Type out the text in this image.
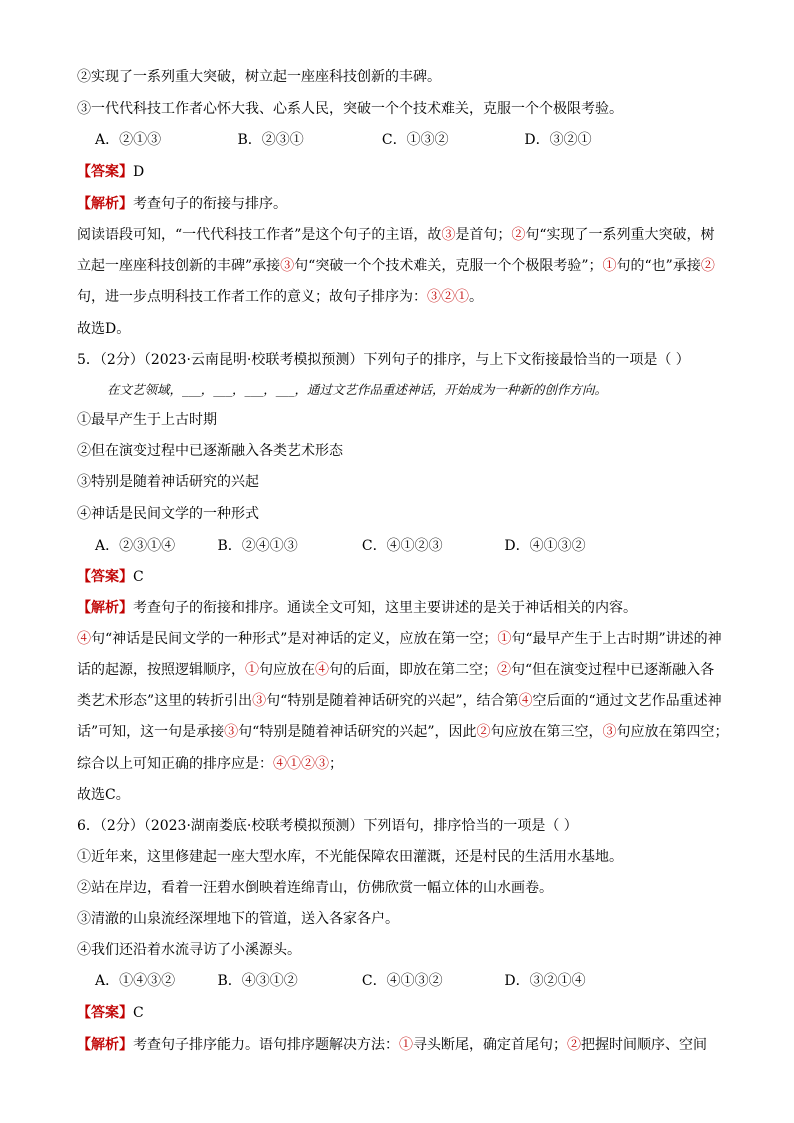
②实现了一系列重大突破，树立起一座座科技创新的丰碑。
③一代代科技工作者心怀大我、心系人民，突破一个个技术难关，克服一个个极限考验。
A．②①③	B．②③①	C．①③②	D．③②①
【答案】D
【解析】考查句子的衔接与排序。
阅读语段可知，“一代代科技工作者”是这个句子的主语，故③是首句；②句“实现了一系列重大突破，树
立起一座座科技创新的丰碑”承接③句“突破一个个技术难关，克服一个个极限考验”；①句的“也”承接②
句，进一步点明科技工作者工作的意义；故句子排序为：③②①。
故选D。
5．（2分）（2023·云南昆明·校联考模拟预测）下列句子的排序，与上下文衔接最恰当的一项是（ ）
在文艺领域，___，___，___，___，通过文艺作品重述神话，开始成为一种新的创作方向。
①最早产生于上古时期
②但在演变过程中已逐渐融入各类艺术形态
③特别是随着神话研究的兴起
④神话是民间文学的一种形式
A．②③①④	B．②④①③	C．④①②③	D．④①③②
【答案】C
【解析】考查句子的衔接和排序。通读全文可知，这里主要讲述的是关于神话相关的内容。
④句“神话是民间文学的一种形式”是对神话的定义，应放在第一空；①句“最早产生于上古时期”讲述的神
话的起源，按照逻辑顺序，①句应放在④句的后面，即放在第二空；②句“但在演变过程中已逐渐融入各
类艺术形态”这里的转折引出③句“特别是随着神话研究的兴起”，结合第④空后面的“通过文艺作品重述神
话”可知，这一句是承接③句“特别是随着神话研究的兴起”，因此②句应放在第三空，③句应放在第四空；
综合以上可知正确的排序应是：④①②③；
故选C。
6．（2分）（2023·湖南娄底·校联考模拟预测）下列语句，排序恰当的一项是（ ）
①近年来，这里修建起一座大型水库，不光能保障农田灌溉，还是村民的生活用水基地。
②站在岸边，看着一汪碧水倒映着连绵青山，仿佛欣赏一幅立体的山水画卷。
③清澈的山泉流经深埋地下的管道，送入各家各户。
④我们还沿着水流寻访了小溪源头。
A．①④③②	B．④③①②	C．④①③②	D．③②①④
【答案】C
【解析】考查句子排序能力。语句排序题解决方法：①寻头断尾，确定首尾句；②把握时间顺序、空间
